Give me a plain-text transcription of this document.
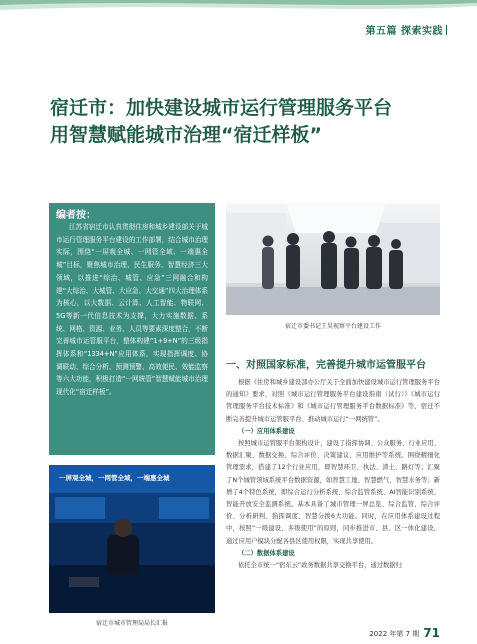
第五篇 探索实践
宿迁市：加快建设城市运行管理服务平台
用智慧赋能城市治理“宿迁样板”
编者按：

江苏省宿迁市认真贯彻住房和城乡建设部关于城市运行管理服务平台建设的工作部署，结合城市治理实际，围绕“一屏观全城、一网管全域、一端惠全城”目标，聚焦城市治理、民生服务、智慧经济三大领域，以推进“综治、城管、应急”三网融合和构建“大综治、大城管、大应急、大交通”四大治理体系为核心，以大数据、云计算、人工智能、物联网、5G等新一代信息技术为支撑，大力实施数据、系统、网格、资源、业务、人员等要素深度整合，不断完善城市运管服平台，整体构建“1+9+N”的三级指挥体系和“1334+N”应用体系，实现指挥调度、协调联动、综合分析、预测预警、高效便民、效能监察等六大功能，积极打造“一网统管”智慧赋能城市治理现代化“宿迁样板”。

宿迁市委书记王昊视察平台建设工作
一、对照国家标准，完善提升城市运管服平台

根据《住房和城乡建设部办公厅关于全面加快建设城市运行管理服务平台的通知》要求，对照《城市运行管理服务平台建设指南（试行）》《城市运行管理服务平台技术标准》和《城市运行管理服务平台数据标准》等，宿迁不断完善提升城市运管服平台、推动城市运行“一网统管”。

（一）应用体系建设

按照城市运管服平台架构设计，建设了指挥协调、公众服务、行业应用、数据汇聚、数据交换、综合评价、决策建议、应用维护等系统。围绕精细化管理需求，搭建了12个行业应用，即智慧环卫、执法、渣土、路灯等；汇聚了N个城管领域系统平台数据资源，如智慧工地、智慧燃气、智慧水务等；新增了4个特色系统，即综合运行分析系统、综合监管系统、AI智能识别系统、智能开放安全监测系统。基本具备了城市管理一屏总览、综合监管、综合评价、分析研判、指挥调度、智慧分拨6大功能。同时，在应用体系建设过程中，按照“一级建设、多级使用”的原则，同步推进市、县、区一体化建设，通过应用户模块分配各县区使用权限，实现共享使用。

（二）数据体系建设

依托全市统一“宿东云”政务数据共享交换平台，通过数据归

一屏观全城，一网管全域，一端惠全城
宿迁市城市管理局局长汇报
2022 年第 7 期 71
